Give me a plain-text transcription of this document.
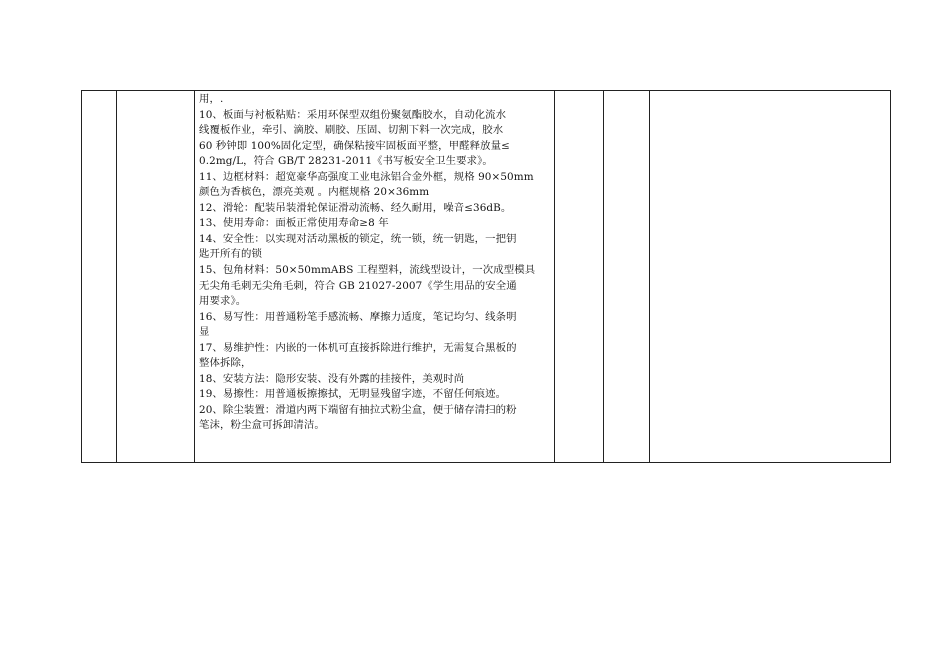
用，.
10、板面与衬板粘贴：采用环保型双组份聚氨酯胶水，自动化流水
线覆板作业，牵引、滴胶、刷胶、压固、切割下料一次完成，胶水
60 秒钟即 100%固化定型，确保粘接牢固板面平整，甲醛释放量≤
0.2mg/L，符合 GB/T 28231-2011《书写板安全卫生要求》。
11、边框材料：超宽豪华高强度工业电泳铝合金外框，规格 90×50mm
颜色为香槟色，漂亮美观 。内框规格 20×36mm
12、滑轮：配装吊装滑轮保证滑动流畅、经久耐用，噪音≤36dB。
13、使用寿命：面板正常使用寿命≥8 年
14、安全性：以实现对活动黑板的锁定，统一锁，统一钥匙，一把钥
匙开所有的锁
15、包角材料：50×50mmABS 工程塑料，流线型设计，一次成型模具
无尖角毛刺无尖角毛刺，符合 GB 21027-2007《学生用品的安全通
用要求》。
16、易写性：用普通粉笔手感流畅、摩擦力适度，笔记均匀、线条明
显
17、易维护性：内嵌的一体机可直接拆除进行维护，无需复合黑板的
整体拆除，
18、安装方法：隐形安装、没有外露的挂接件，美观时尚
19、易擦性：用普通板擦擦拭，无明显残留字迹，不留任何痕迹。
20、除尘装置：滑道内两下端留有抽拉式粉尘盒，便于储存清扫的粉
笔沫，粉尘盒可拆卸清洁。
